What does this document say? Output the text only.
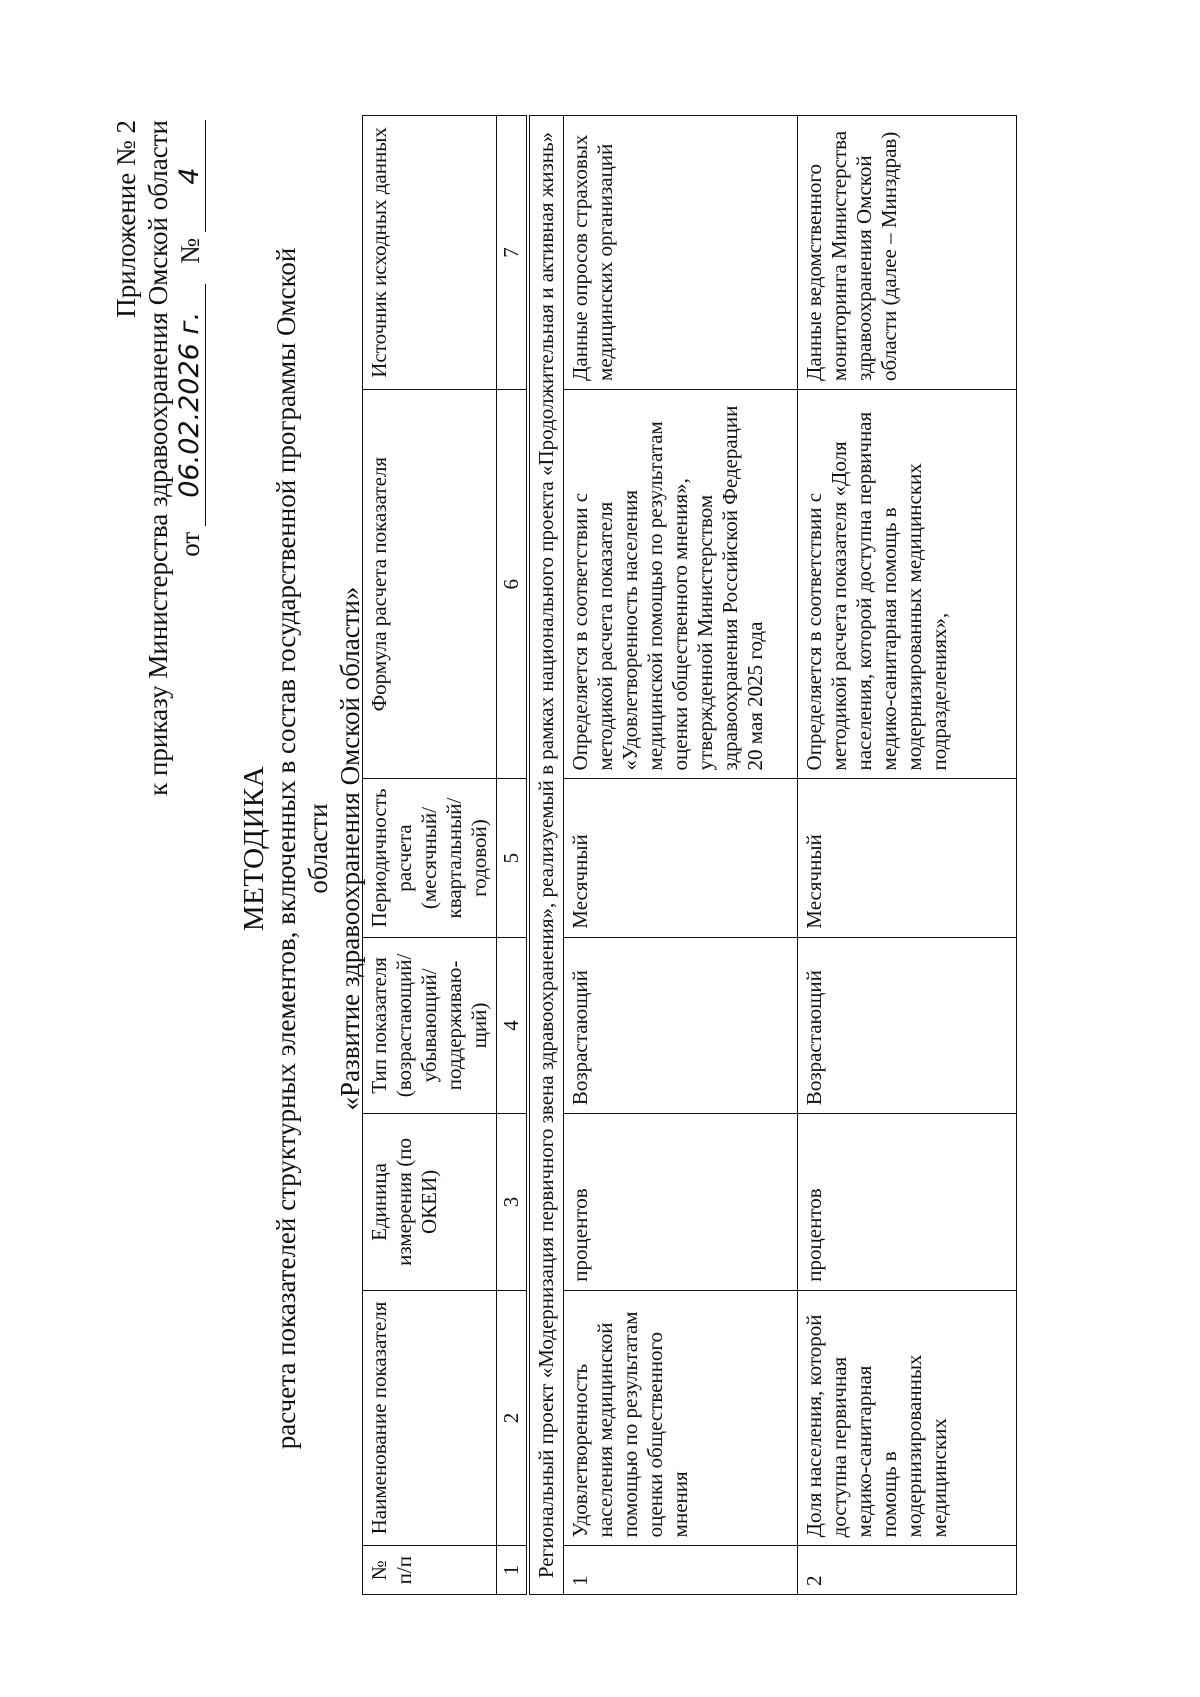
Приложение № 2 к приказу Министерства здравоохранения Омской области от
06.02.2026 г.
№
4
МЕТОДИКА расчета показателей структурных элементов, включенных в состав государственной программы Омской области «Развитие здравоохранения Омской области»
№ п/п	Наименование показателя	Единица измерения (по ОКЕИ)	Тип показателя (возрастающий/ убывающий/ поддерживаю-щий)	Периодичность расчета (месячный/ квартальный/ годовой)	Формула расчета показателя	Источник исходных данных
1	2	3	4	5	6	7
Региональный проект «Модернизация первичного звена здравоохранения», реализуемый в рамках национального проекта «Продолжительная и активная жизнь»						
1	Удовлетворенность населения медицинской помощью по результатам оценки общественного мнения	процентов	Возрастающий	Месячный	Определяется в соответствии с методикой расчета показателя «Удовлетворенность населения медицинской помощью по результатам оценки общественного мнения», утвержденной Министерством здравоохранения Российской Федерации 20 мая 2025 года	Данные опросов страховых медицинских организаций
2	Доля населения, которой доступна первичная медико-санитарная помощь в модернизированных медицинских	процентов	Возрастающий	Месячный	Определяется в соответствии с методикой расчета показателя «Доля населения, которой доступна первичная медико-санитарная помощь в модернизированных медицинских подразделениях»,	Данные ведомственного мониторинга Министерства здравоохранения Омской области (далее – Минздрав)
